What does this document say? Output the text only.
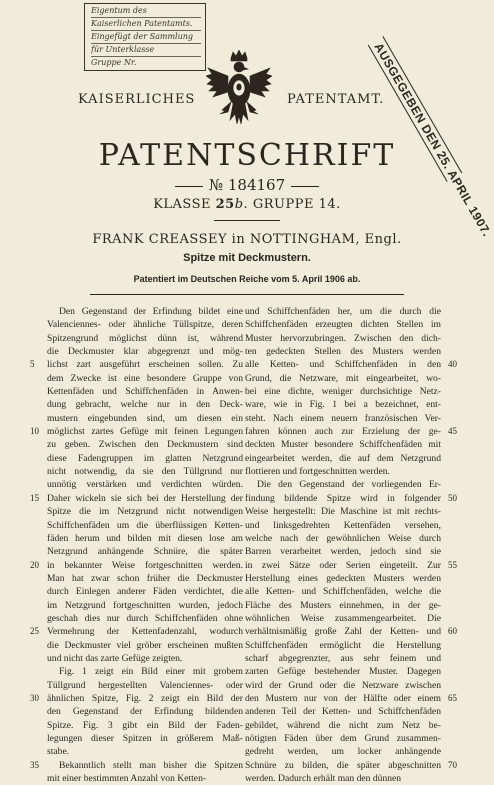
Eigentum des
Kaiserlichen Patentamts.
Eingefügt der Sammlung
für Unterklasse
Gruppe Nr.
KAISERLICHES	PATENTAMT.
AUSGEGEBEN DEN 25. APRIL 1907.
PATENTSCHRIFT
№ 184167
KLASSE 25b. GRUPPE 14.
FRANK CREASSEY in NOTTINGHAM, Engl.
Spitze mit Deckmustern.
Patentiert im Deutschen Reiche vom 5. April 1906 ab.
Den Gegenstand der Erfindung bildet eine
Valenciennes- oder ähnliche Tüllspitze, deren
Spitzengrund möglichst dünn ist, während
die Deckmuster klar abgegrenzt und mög-
lichst zart ausgeführt erscheinen sollen. Zu
dem Zwecke ist eine besondere Gruppe von
Kettenfäden und Schiffchenfäden in Anwen-
dung gebracht, welche nur in den Deck-
mustern eingebunden sind, um diesen ein
möglichst zartes Gefüge mit feinen Legungen
zu geben. Zwischen den Deckmustern sind
diese Fadengruppen im glatten Netzgrund
nicht notwendig, da sie den Tüllgrund nur
unnötig verstärken und verdichten würden.
Daher wickeln sie sich bei der Herstellung der
Spitze die im Netzgrund nicht notwendigen
Schiffchenfäden um die überflüssigen Ketten-
fäden herum und bilden mit diesen lose am
Netzgrund anhängende Schnüre, die später
in bekannter Weise fortgeschnitten werden.
Man hat zwar schon früher die Deckmuster
durch Einlegen anderer Fäden verdichtet, die
im Netzgrund fortgeschnitten wurden, jedoch
geschah dies nur durch Schiffchenfäden ohne
Vermehrung der Kettenfadenzahl, wodurch
die Deckmuster viel gröber erscheinen mußten
und nicht das zarte Gefüge zeigten.
Fig. 1 zeigt ein Bild einer mit grobem
Tüllgrund hergestellten Valenciennes- oder
ähnlichen Spitze, Fig. 2 zeigt ein Bild der
den Gegenstand der Erfindung bildenden
Spitze. Fig. 3 gibt ein Bild der Faden-
legungen dieser Spitzen in größerem Maß-
stabe.
Bekanntlich stellt man bisher die Spitzen
mit einer bestimmten Anzahl von Ketten-
und Schiffchenfäden her, um die durch die
Schiffchenfäden erzeugten dichten Stellen im
Muster hervorzubringen. Zwischen den dich-
ten gedeckten Stellen des Musters werden
alle Ketten- und Schiffchenfäden in den
Grund, die Netzware, mit eingearbeitet, wo-
bei eine dichte, weniger durchsichtige Netz-
ware, wie in Fig. 1 bei a bezeichnet, ent-
steht. Nach einem neuern französischen Ver-
fahren können auch zur Erzielung der ge-
deckten Muster besondere Schiffchenfäden mit
eingearbeitet werden, die auf dem Netzgrund
flottieren und fortgeschnitten werden.
Die den Gegenstand der vorliegenden Er-
findung bildende Spitze wird in folgender
Weise hergestellt: Die Maschine ist mit rechts-
und linksgedrehten Kettenfäden versehen,
welche nach der gewöhnlichen Weise durch
Barren verarbeitet werden, jedoch sind sie
in zwei Sätze oder Serien eingeteilt. Zur
Herstellung eines gedeckten Musters werden
alle Ketten- und Schiffchenfäden, welche die
Fläche des Musters einnehmen, in der ge-
wöhnlichen Weise zusammengearbeitet. Die
verhältnismäßig große Zahl der Ketten- und
Schiffchenfäden ermöglicht die Herstellung
scharf abgegrenzter, aus sehr feinem und
zarten Gefüge bestehender Muster. Dagegen
wird der Grund oder die Netzware zwischen
den Mustern nur von der Hälfte oder einem
anderen Teil der Ketten- und Schiffchenfäden
gebildet, während die nicht zum Netz be-
nötigten Fäden über dem Grund zusammen-
gedreht werden, um locker anhängende
Schnüre zu bilden, die später abgeschnitten
werden. Dadurch erhält man den dünnen
5
10
15
20
25
30
35
40
45
50
55
60
65
70
